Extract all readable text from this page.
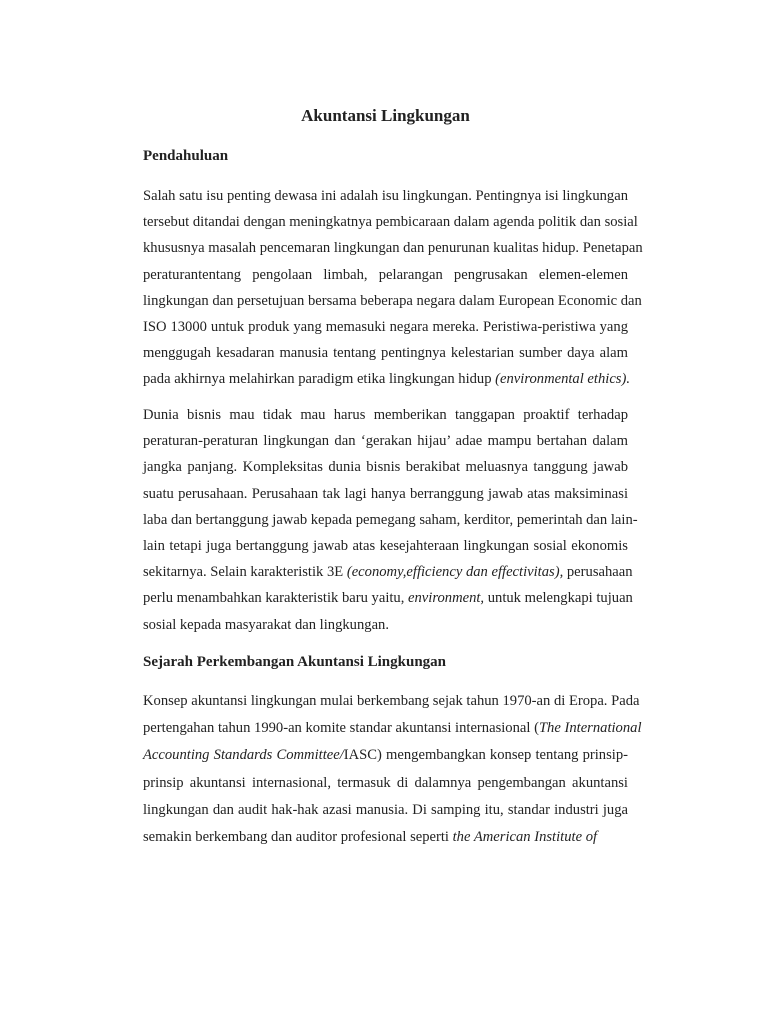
Akuntansi Lingkungan
Pendahuluan
Salah satu isu penting dewasa ini adalah isu lingkungan. Pentingnya isi lingkungan
tersebut ditandai dengan meningkatnya pembicaraan dalam agenda politik dan sosial
khususnya masalah pencemaran lingkungan dan penurunan kualitas hidup. Penetapan
peraturantentang pengolaan limbah, pelarangan pengrusakan elemen-elemen
lingkungan dan persetujuan bersama beberapa negara dalam European Economic dan
ISO 13000 untuk produk yang memasuki negara mereka. Peristiwa-peristiwa yang
menggugah kesadaran manusia tentang pentingnya kelestarian sumber daya alam
pada akhirnya melahirkan paradigm etika lingkungan hidup (environmental ethics).
Dunia bisnis mau tidak mau harus memberikan tanggapan proaktif terhadap
peraturan-peraturan lingkungan dan ‘gerakan hijau’ adae mampu bertahan dalam
jangka panjang. Kompleksitas dunia bisnis berakibat meluasnya tanggung jawab
suatu perusahaan. Perusahaan tak lagi hanya berranggung jawab atas maksiminasi
laba dan bertanggung jawab kepada pemegang saham, kerditor, pemerintah dan lain-
lain tetapi juga bertanggung jawab atas kesejahteraan lingkungan sosial ekonomis
sekitarnya. Selain karakteristik 3E (economy,efficiency dan effectivitas), perusahaan
perlu menambahkan karakteristik baru yaitu, environment, untuk melengkapi tujuan
sosial kepada masyarakat dan lingkungan.
Sejarah Perkembangan Akuntansi Lingkungan
Konsep akuntansi lingkungan mulai berkembang sejak tahun 1970-an di Eropa. Pada
pertengahan tahun 1990-an komite standar akuntansi internasional (The International
Accounting Standards Committee/IASC) mengembangkan konsep tentang prinsip-
prinsip akuntansi internasional, termasuk di dalamnya pengembangan akuntansi
lingkungan dan audit hak-hak azasi manusia. Di samping itu, standar industri juga
semakin berkembang dan auditor profesional seperti the American Institute of
